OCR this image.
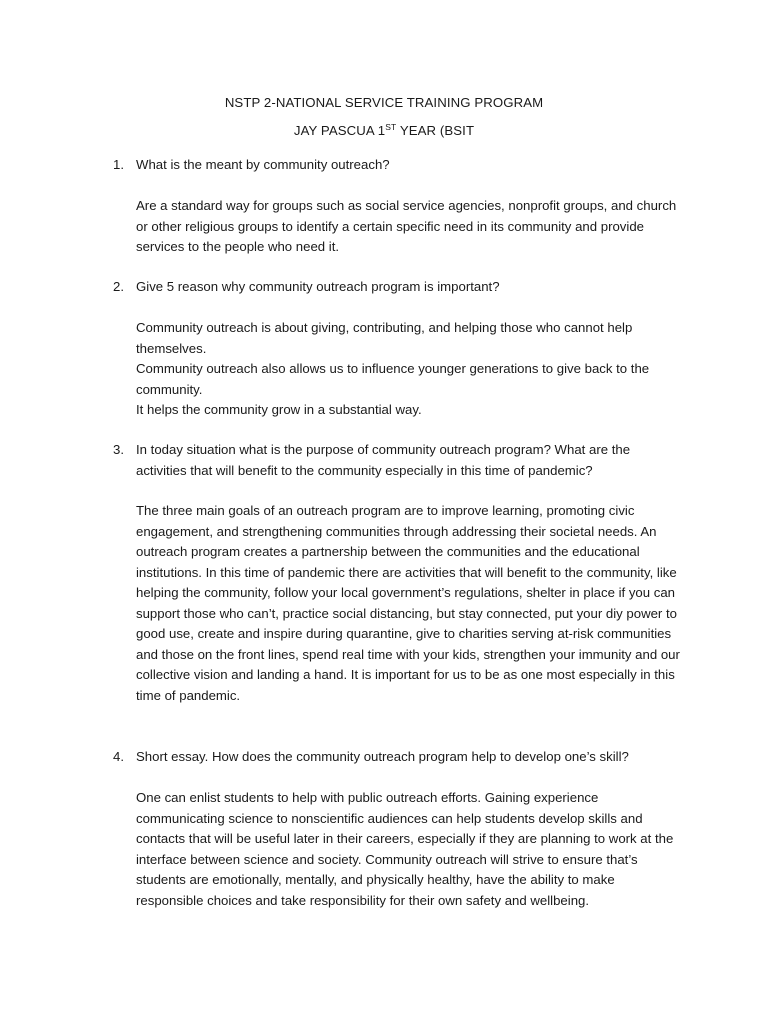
NSTP 2-NATIONAL SERVICE TRAINING PROGRAM
JAY PASCUA 1ST YEAR (BSIT
1. What is the meant by community outreach?

Are a standard way for groups such as social service agencies, nonprofit groups, and church or other religious groups to identify a certain specific need in its community and provide services to the people who need it.

2. Give 5 reason why community outreach program is important?

Community outreach is about giving, contributing, and helping those who cannot help themselves.

Community outreach also allows us to influence younger generations to give back to the community.

It helps the community grow in a substantial way.

3. In today situation what is the purpose of community outreach program? What are the activities that will benefit to the community especially in this time of pandemic?

The three main goals of an outreach program are to improve learning, promoting civic engagement, and strengthening communities through addressing their societal needs. An outreach program creates a partnership between the communities and the educational institutions. In this time of pandemic there are activities that will benefit to the community, like helping the community, follow your local government’s regulations, shelter in place if you can support those who can’t, practice social distancing, but stay connected, put your diy power to good use, create and inspire during quarantine, give to charities serving at-risk communities and those on the front lines, spend real time with your kids, strengthen your immunity and our collective vision and landing a hand. It is important for us to be as one most especially in this time of pandemic.

4. Short essay. How does the community outreach program help to develop one’s skill?

One can enlist students to help with public outreach efforts. Gaining experience communicating science to nonscientific audiences can help students develop skills and contacts that will be useful later in their careers, especially if they are planning to work at the interface between science and society. Community outreach will strive to ensure that’s students are emotionally, mentally, and physically healthy, have the ability to make responsible choices and take responsibility for their own safety and wellbeing.
